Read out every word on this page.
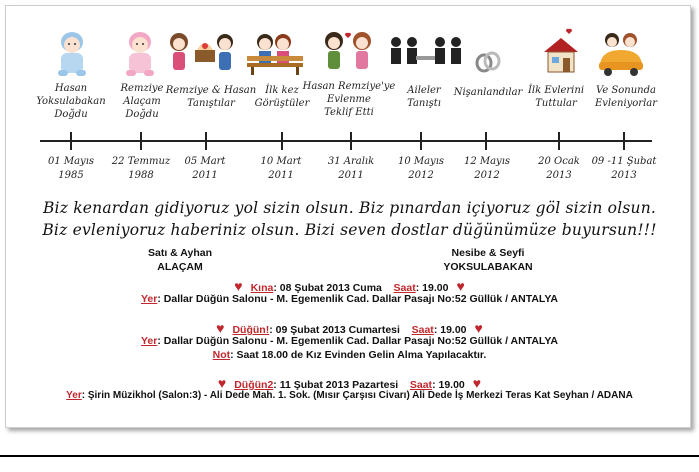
Hasan
Yoksulabakan
Doğdu
Remziye
Alaçam
Doğdu
Remziye & Hasan
Tanıştılar
İlk kez
Görüştüler
Hasan Remziye'ye
Evlenme
Teklif Etti
Aileler
Tanıştı
Nişanlandılar İlk Evlerini
Tuttular
Ve Sonunda
Evleniyorlar
01 Mayıs
1985
22 Temmuz
1988
05 Mart
2011
10 Mart
2011
31 Aralık
2011
10 Mayıs
2012
12 Mayıs
2012
20 Ocak
2013
09 -11 Şubat
2013
Biz kenardan gidiyoruz yol sizin olsun. Biz pınardan içiyoruz göl sizin olsun.
Biz evleniyoruz haberiniz olsun. Bizi seven dostlar düğünümüze buyursun!!!
Satı & Ayhan
ALAÇAM
Nesibe & Seyfi
YOKSULABAKAN
♥ Kına: 08 Şubat 2013 Cuma Saat: 19.00 ♥
Yer: Dallar Düğün Salonu - M. Egemenlik Cad. Dallar Pasajı No:52 Güllük / ANTALYA
♥ Düğün!: 09 Şubat 2013 Cumartesi Saat: 19.00 ♥
Yer: Dallar Düğün Salonu - M. Egemenlik Cad. Dallar Pasajı No:52 Güllük / ANTALYA
Not: Saat 18.00 de Kız Evinden Gelin Alma Yapılacaktır.
♥ Düğün2: 11 Şubat 2013 Pazartesi Saat: 19.00 ♥
Yer: Şirin Müzikhol (Salon:3) - Ali Dede Mah. 1. Sok. (Mısır Çarşısı Civarı) Ali Dede İş Merkezi Teras Kat Seyhan / ADANA
